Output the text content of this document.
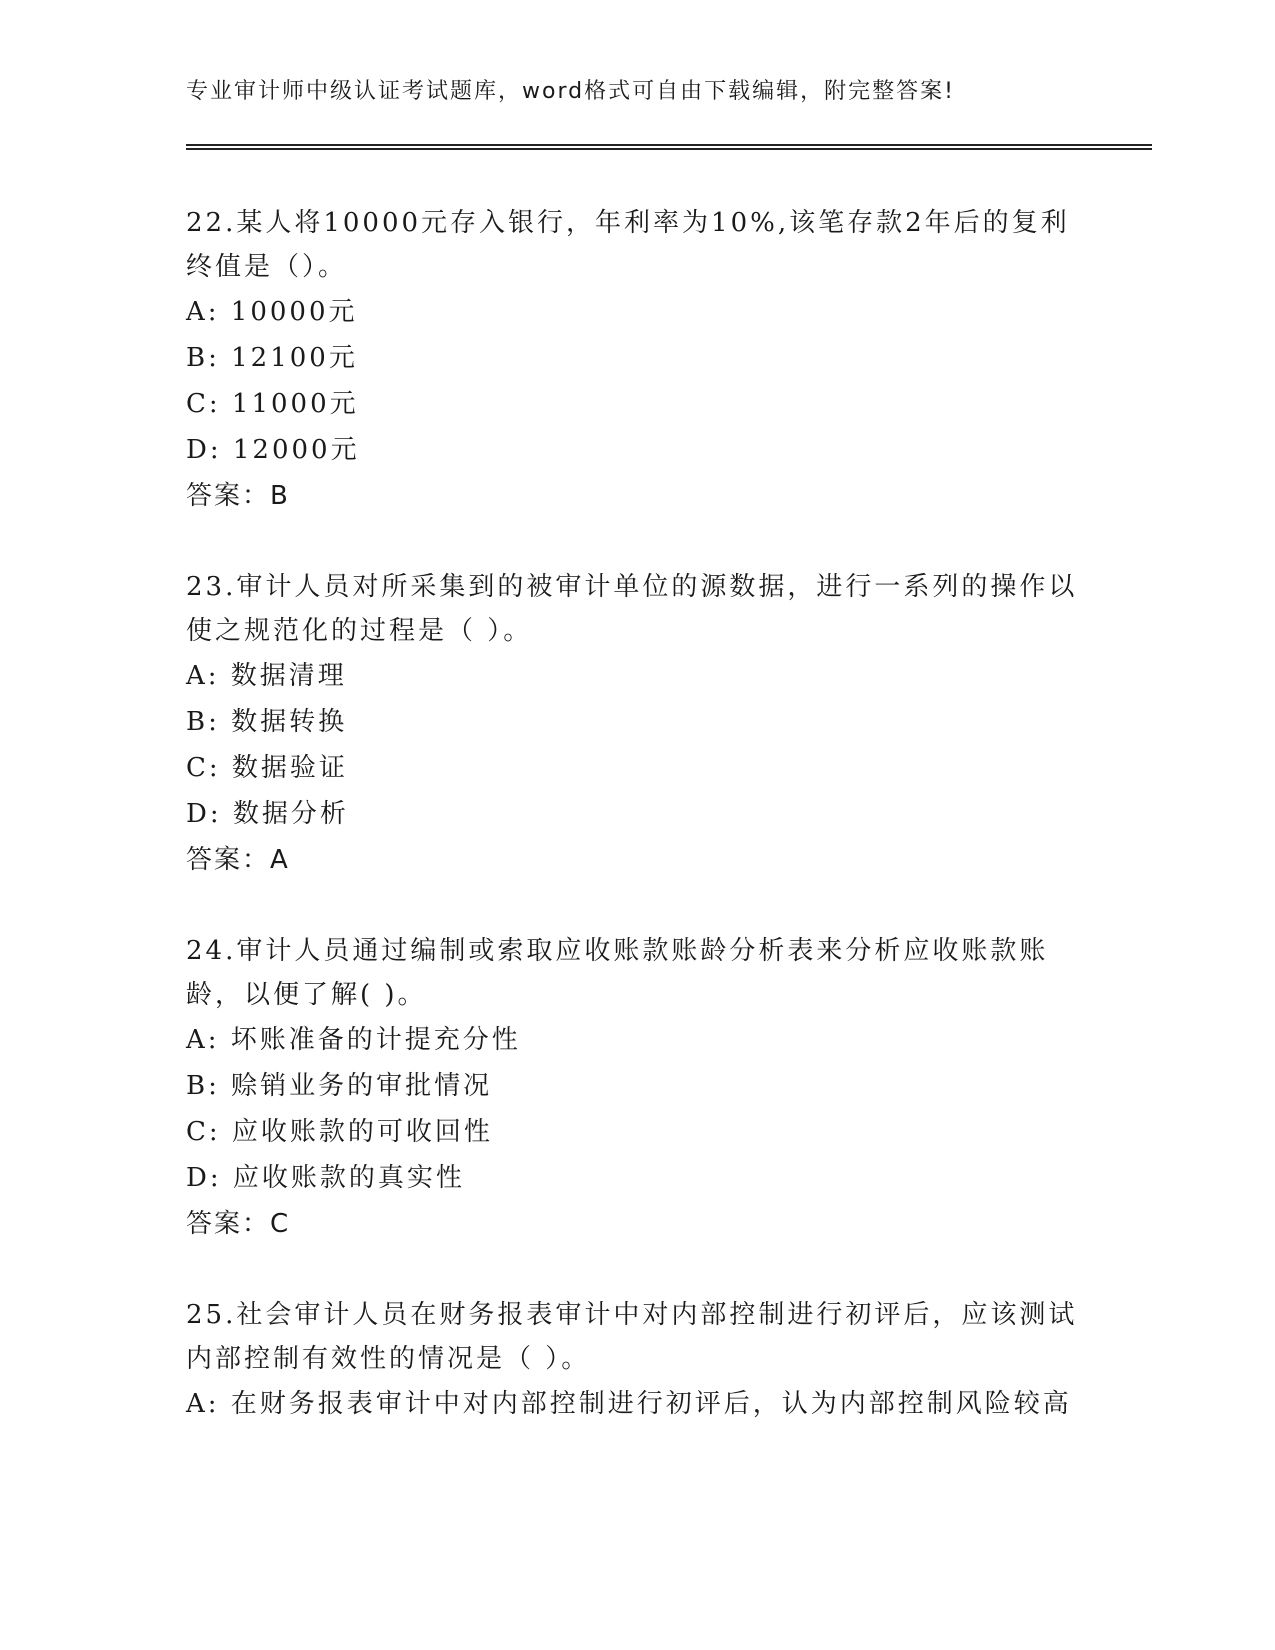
专业审计师中级认证考试题库，word格式可自由下载编辑，附完整答案!
22.某人将10000元存入银行，年利率为10%,该笔存款2年后的复利终值是（）。
A: 10000元
B: 12100元
C: 11000元
D: 12000元
答案：B
23.审计人员对所采集到的被审计单位的源数据，进行一系列的操作以使之规范化的过程是（ ）。
A: 数据清理
B: 数据转换
C: 数据验证
D: 数据分析
答案：A
24.审计人员通过编制或索取应收账款账龄分析表来分析应收账款账龄，以便了解( )。
A: 坏账准备的计提充分性
B: 赊销业务的审批情况
C: 应收账款的可收回性
D: 应收账款的真实性
答案：C
25.社会审计人员在财务报表审计中对内部控制进行初评后，应该测试内部控制有效性的情况是（ ）。
A: 在财务报表审计中对内部控制进行初评后，认为内部控制风险较高
